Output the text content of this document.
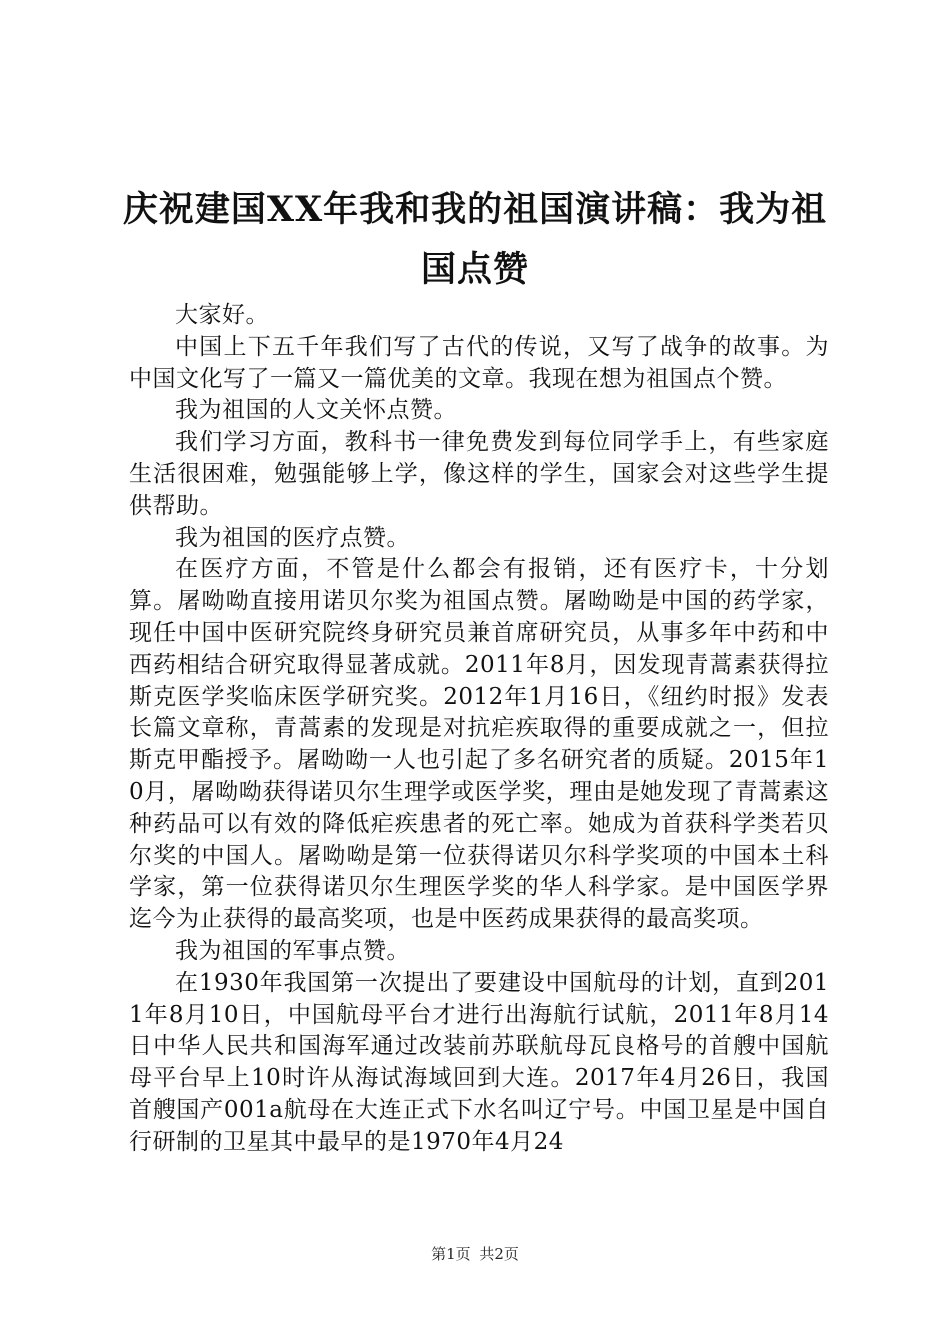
庆祝建国XX年我和我的祖国演讲稿：我为祖国点赞

大家好。

中国上下五千年我们写了古代的传说，又写了战争的故事。为中国文化写了一篇又一篇优美的文章。我现在想为祖国点个赞。

我为祖国的人文关怀点赞。

我们学习方面，教科书一律免费发到每位同学手上，有些家庭生活很困难，勉强能够上学，像这样的学生，国家会对这些学生提供帮助。

我为祖国的医疗点赞。

在医疗方面，不管是什么都会有报销，还有医疗卡，十分划算。屠呦呦直接用诺贝尔奖为祖国点赞。屠呦呦是中国的药学家，现任中国中医研究院终身研究员兼首席研究员，从事多年中药和中西药相结合研究取得显著成就。2011年8月，因发现青蒿素获得拉斯克医学奖临床医学研究奖。2012年1月16日，《纽约时报》发表长篇文章称，青蒿素的发现是对抗疟疾取得的重要成就之一，但拉斯克甲酯授予。屠呦呦一人也引起了多名研究者的质疑。2015年10月，屠呦呦获得诺贝尔生理学或医学奖，理由是她发现了青蒿素这种药品可以有效的降低疟疾患者的死亡率。她成为首获科学类若贝尔奖的中国人。屠呦呦是第一位获得诺贝尔科学奖项的中国本土科学家，第一位获得诺贝尔生理医学奖的华人科学家。是中国医学界迄今为止获得的最高奖项，也是中医药成果获得的最高奖项。

我为祖国的军事点赞。

在1930年我国第一次提出了要建设中国航母的计划，直到2011年8月10日，中国航母平台才进行出海航行试航，2011年8月14日中华人民共和国海军通过改装前苏联航母瓦良格号的首艘中国航母平台早上10时许从海试海域回到大连。2017年4月26日，我国首艘国产001a航母在大连正式下水名叫辽宁号。中国卫星是中国自行研制的卫星其中最早的是1970年4月24

第1页 共2页
